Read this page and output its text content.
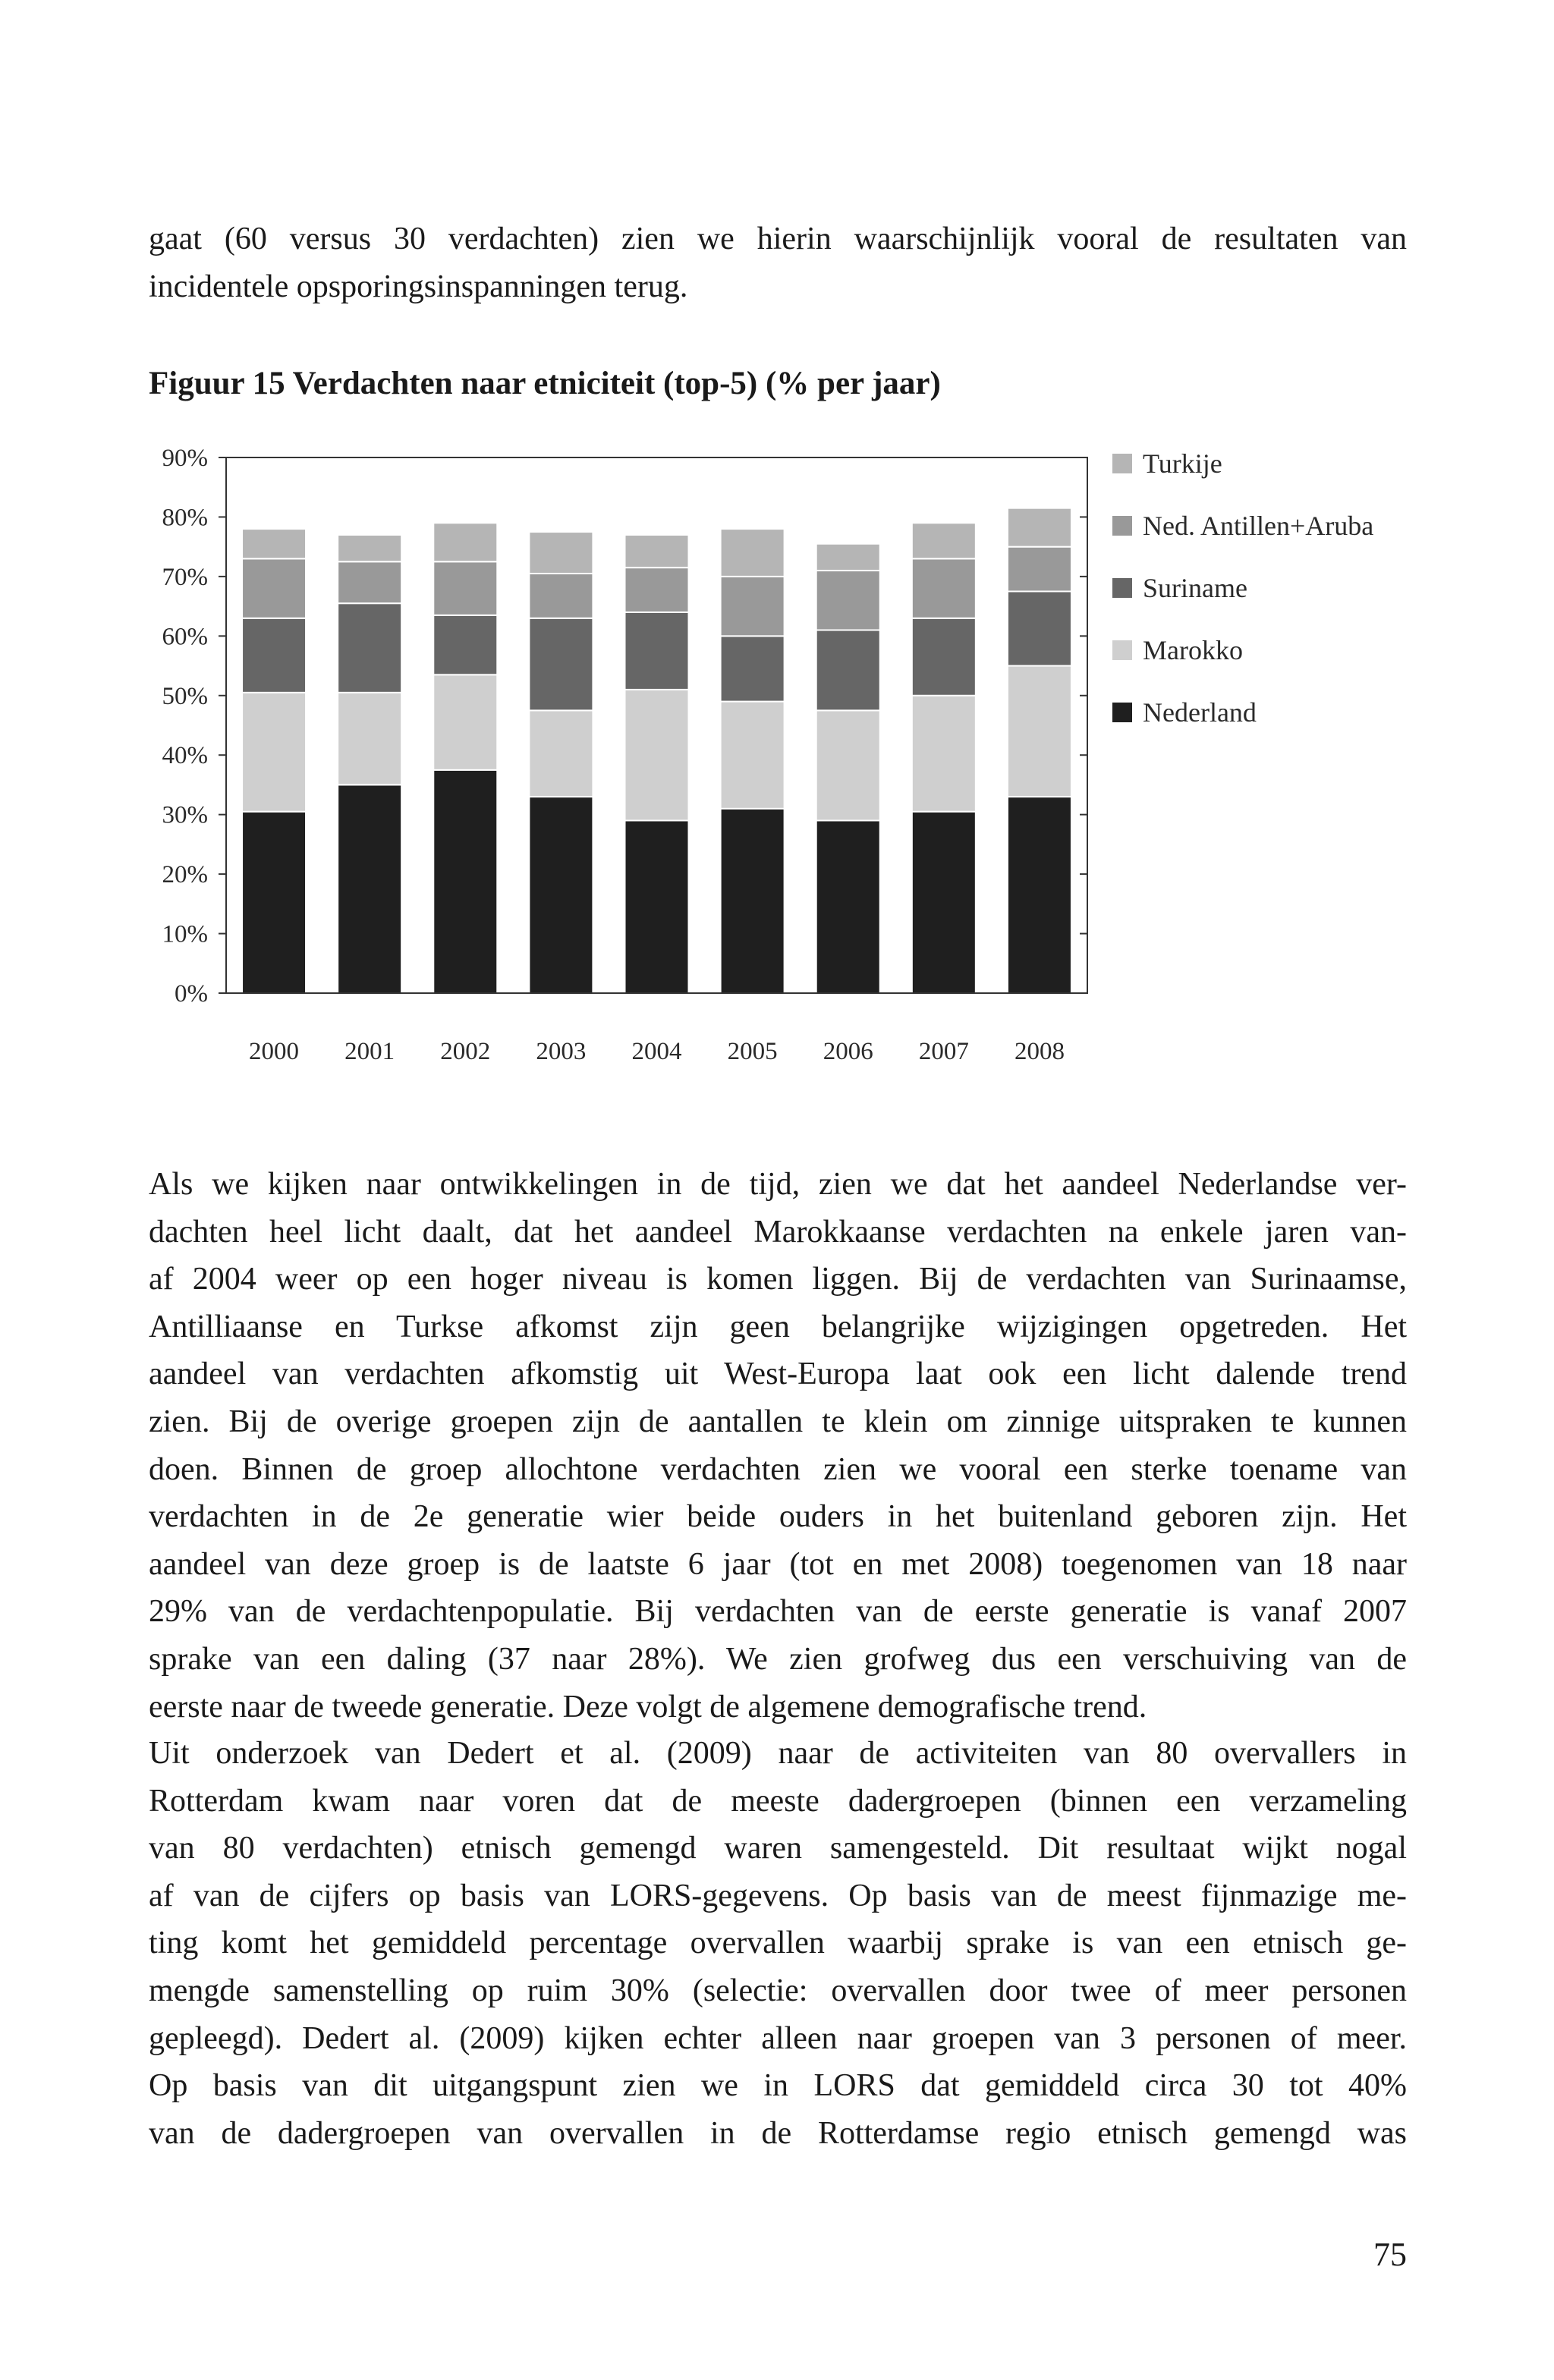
gaat (60 versus 30 verdachten) zien we hierin waarschijnlijk vooral de resultaten van
incidentele opsporingsinspanningen terug.
Figuur 15 Verdachten naar etniciteit (top-5) (% per jaar)
0%
10%
20%
30%
40%
50%
60%
70%
80%
90%
2000 2001 2002 2003 2004 2005 2006 2007 2008
Turkije
Ned. Antillen+Aruba
Suriname
Marokko
Nederland
Als we kijken naar ontwikkelingen in de tijd, zien we dat het aandeel Nederlandse ver-
dachten heel licht daalt, dat het aandeel Marokkaanse verdachten na enkele jaren van-
af 2004 weer op een hoger niveau is komen liggen. Bij de verdachten van Surinaamse,
Antilliaanse en Turkse afkomst zijn geen belangrijke wijzigingen opgetreden. Het
aandeel van verdachten afkomstig uit West-Europa laat ook een licht dalende trend
zien. Bij de overige groepen zijn de aantallen te klein om zinnige uitspraken te kunnen
doen. Binnen de groep allochtone verdachten zien we vooral een sterke toename van
verdachten in de 2e generatie wier beide ouders in het buitenland geboren zijn. Het
aandeel van deze groep is de laatste 6 jaar (tot en met 2008) toegenomen van 18 naar
29% van de verdachtenpopulatie. Bij verdachten van de eerste generatie is vanaf 2007
sprake van een daling (37 naar 28%). We zien grofweg dus een verschuiving van de
eerste naar de tweede generatie. Deze volgt de algemene demografische trend.
Uit onderzoek van Dedert et al. (2009) naar de activiteiten van 80 overvallers in
Rotterdam kwam naar voren dat de meeste dadergroepen (binnen een verzameling
van 80 verdachten) etnisch gemengd waren samengesteld. Dit resultaat wijkt nogal
af van de cijfers op basis van LORS-gegevens. Op basis van de meest fijnmazige me-
ting komt het gemiddeld percentage overvallen waarbij sprake is van een etnisch ge-
mengde samenstelling op ruim 30% (selectie: overvallen door twee of meer personen
gepleegd). Dedert al. (2009) kijken echter alleen naar groepen van 3 personen of meer.
Op basis van dit uitgangspunt zien we in LORS dat gemiddeld circa 30 tot 40%
van de dadergroepen van overvallen in de Rotterdamse regio etnisch gemengd was
75
